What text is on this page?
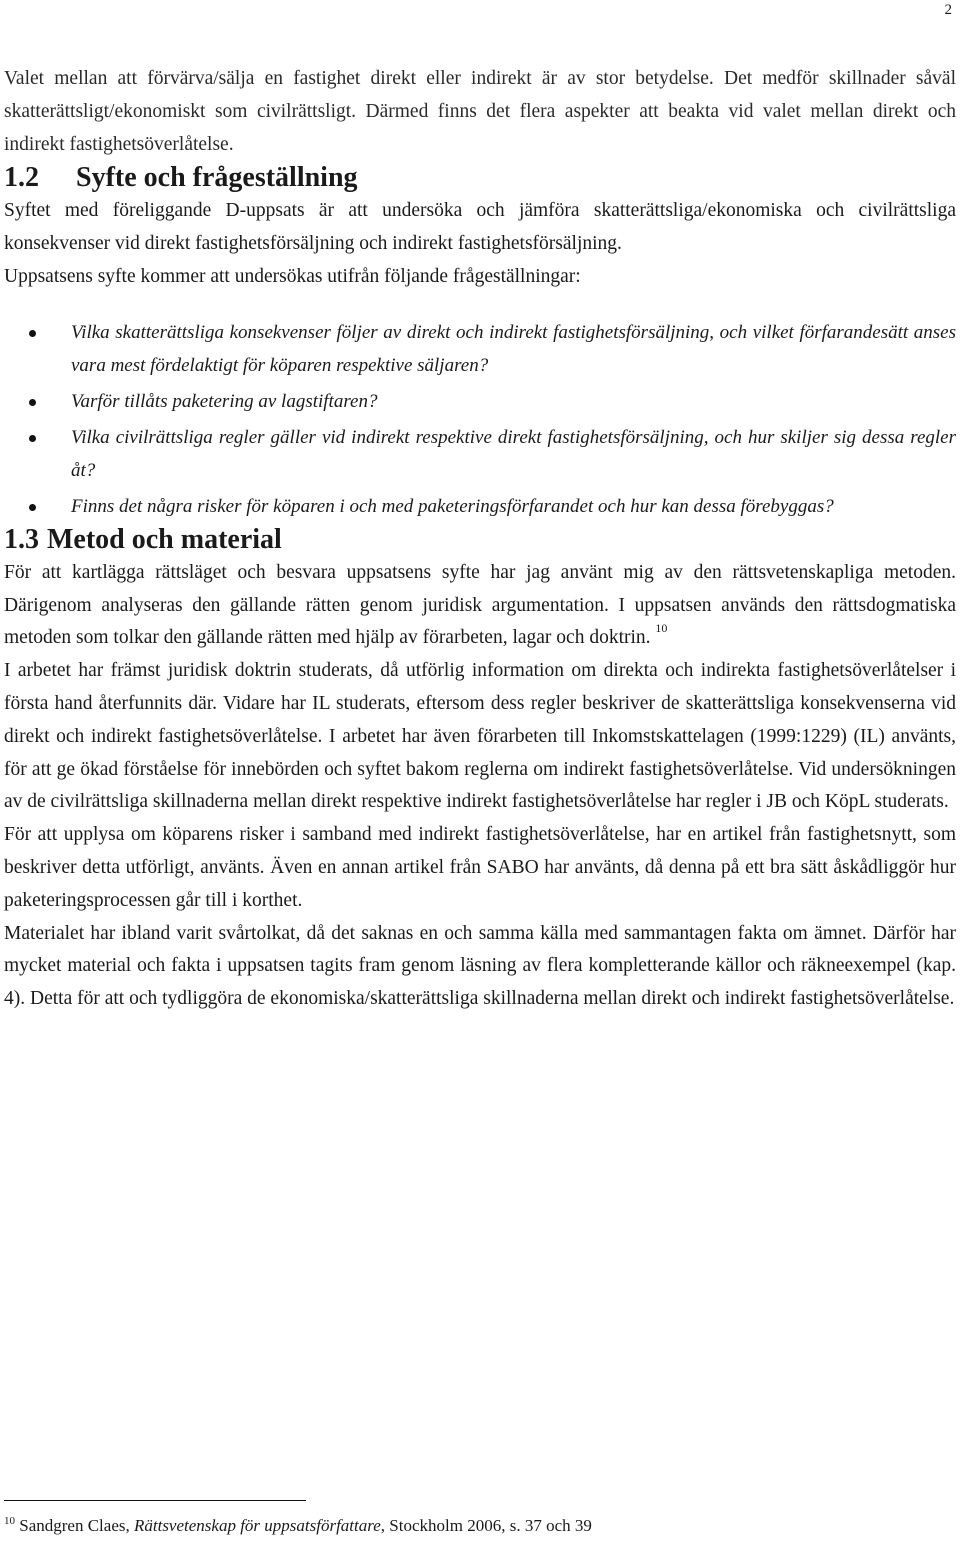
2

Valet mellan att förvärva/sälja en fastighet direkt eller indirekt är av stor betydelse. Det medför skillnader såväl skatterättsligt/ekonomiskt som civilrättsligt. Därmed finns det flera aspekter att beakta vid valet mellan direkt och indirekt fastighetsöverlåtelse.

1.2 Syfte och frågeställning

Syftet med föreliggande D-uppsats är att undersöka och jämföra skatterättsliga/ekonomiska och civilrättsliga konsekvenser vid direkt fastighetsförsäljning och indirekt fastighetsförsäljning.

Uppsatsens syfte kommer att undersökas utifrån följande frågeställningar:

Vilka skatterättsliga konsekvenser följer av direkt och indirekt fastighetsförsäljning, och vilket förfarandesätt anses vara mest fördelaktigt för köparen respektive säljaren?
Varför tillåts paketering av lagstiftaren?
Vilka civilrättsliga regler gäller vid indirekt respektive direkt fastighetsförsäljning, och hur skiljer sig dessa regler åt?
Finns det några risker för köparen i och med paketeringsförfarandet och hur kan dessa förebyggas?
1.3 Metod och material

För att kartlägga rättsläget och besvara uppsatsens syfte har jag använt mig av den rättsvetenskapliga metoden. Därigenom analyseras den gällande rätten genom juridisk argumentation. I uppsatsen används den rättsdogmatiska metoden som tolkar den gällande rätten med hjälp av förarbeten, lagar och doktrin. $^{10}$

I arbetet har främst juridisk doktrin studerats, då utförlig information om direkta och indirekta fastighetsöverlåtelser i första hand återfunnits där. Vidare har IL studerats, eftersom dess regler beskriver de skatterättsliga konsekvenserna vid direkt och indirekt fastighetsöverlåtelse. I arbetet har även förarbeten till Inkomstskattelagen (1999:1229) (IL) använts, för att ge ökad förståelse för innebörden och syftet bakom reglerna om indirekt fastighetsöverlåtelse. Vid undersökningen av de civilrättsliga skillnaderna mellan direkt respektive indirekt fastighetsöverlåtelse har regler i JB och KöpL studerats.

För att upplysa om köparens risker i samband med indirekt fastighetsöverlåtelse, har en artikel från fastighetsnytt, som beskriver detta utförligt, använts. Även en annan artikel från SABO har använts, då denna på ett bra sätt åskådliggör hur paketeringsprocessen går till i korthet.

Materialet har ibland varit svårtolkat, då det saknas en och samma källa med sammantagen fakta om ämnet. Därför har mycket material och fakta i uppsatsen tagits fram genom läsning av flera kompletterande källor och räkneexempel (kap. 4). Detta för att och tydliggöra de ekonomiska/skatterättsliga skillnaderna mellan direkt och indirekt fastighetsöverlåtelse.

$^{10}$ Sandgren Claes, Rättsvetenskap för uppsatsförfattare, Stockholm 2006, s. 37 och 39
